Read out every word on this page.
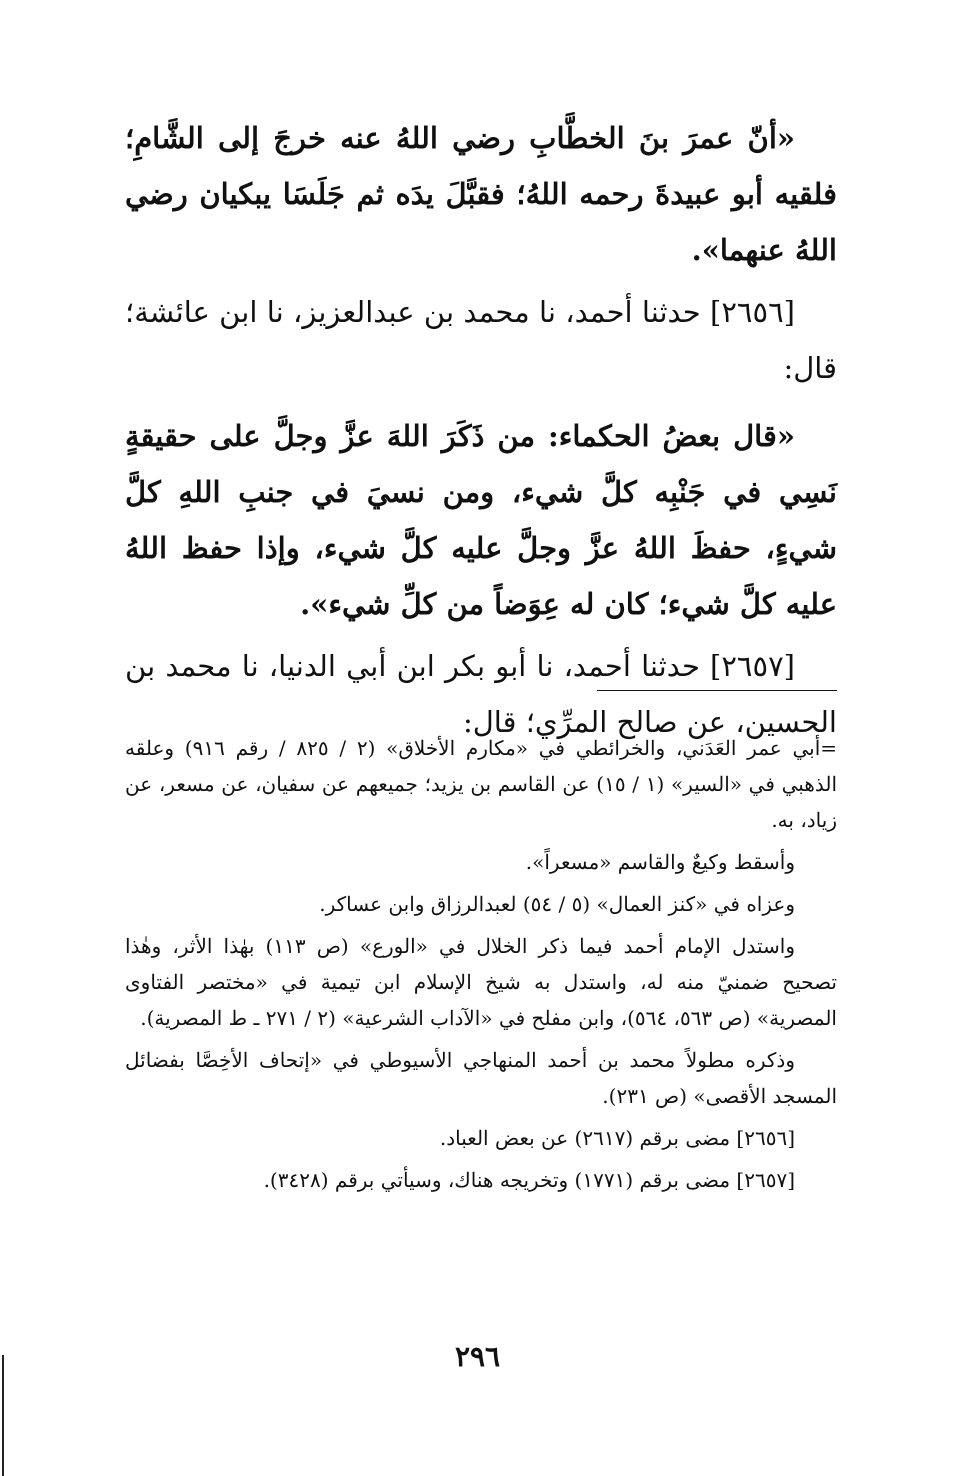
«أنّ عمرَ بنَ الخطَّابِ رضي اللهُ عنه خرجَ إلى الشَّامِ؛ فلقيه أبو عبيدةَ رحمه اللهُ؛ فقبَّلَ يدَه ثم جَلَسَا يبكيان رضي اللهُ عنهما».

[٢٦٥٦] حدثنا أحمد، نا محمد بن عبدالعزيز، نا ابن عائشة؛ قال:

«قال بعضُ الحكماء: من ذَكَرَ اللهَ عزَّ وجلَّ على حقيقةٍ نَسِي في جَنْبِه كلَّ شيء، ومن نسيَ في جنبِ اللهِ كلَّ شيءٍ، حفظَ اللهُ عزَّ وجلَّ عليه كلَّ شيء، وإذا حفظ اللهُ عليه كلَّ شيء؛ كان له عِوَضاً من كلِّ شيء».

[٢٦٥٧] حدثنا أحمد، نا أبو بكر ابن أبي الدنيا، نا محمد بن الحسين، عن صالح المرِّي؛ قال:

=أبي عمر العَدَني، والخرائطي في «مكارم الأخلاق» (٢ / ٨٢٥ / رقم ٩١٦) وعلقه الذهبي في «السير» (١ / ١٥) عن القاسم بن يزيد؛ جميعهم عن سفيان، عن مسعر، عن زياد، به.

وأسقط وكيعٌ والقاسم «مسعراً».

وعزاه في «كنز العمال» (٥ / ٥٤) لعبدالرزاق وابن عساكر.

واستدل الإمام أحمد فيما ذكر الخلال في «الورع» (ص ١١٣) بهٰذا الأثر، وهٰذا تصحيح ضمنيّ منه له، واستدل به شيخ الإسلام ابن تيمية في «مختصر الفتاوى المصرية» (ص ٥٦٣، ٥٦٤)، وابن مفلح في «الآداب الشرعية» (٢ / ٢٧١ ـ ط المصرية).

وذكره مطولاً محمد بن أحمد المنهاجي الأسيوطي في «إتحاف الأخِصَّا بفضائل المسجد الأقصى» (ص ٢٣١).

[٢٦٥٦] مضى برقم (٢٦١٧) عن بعض العباد.

[٢٦٥٧] مضى برقم (١٧٧١) وتخريجه هناك، وسيأتي برقم (٣٤٢٨).

٢٩٦
